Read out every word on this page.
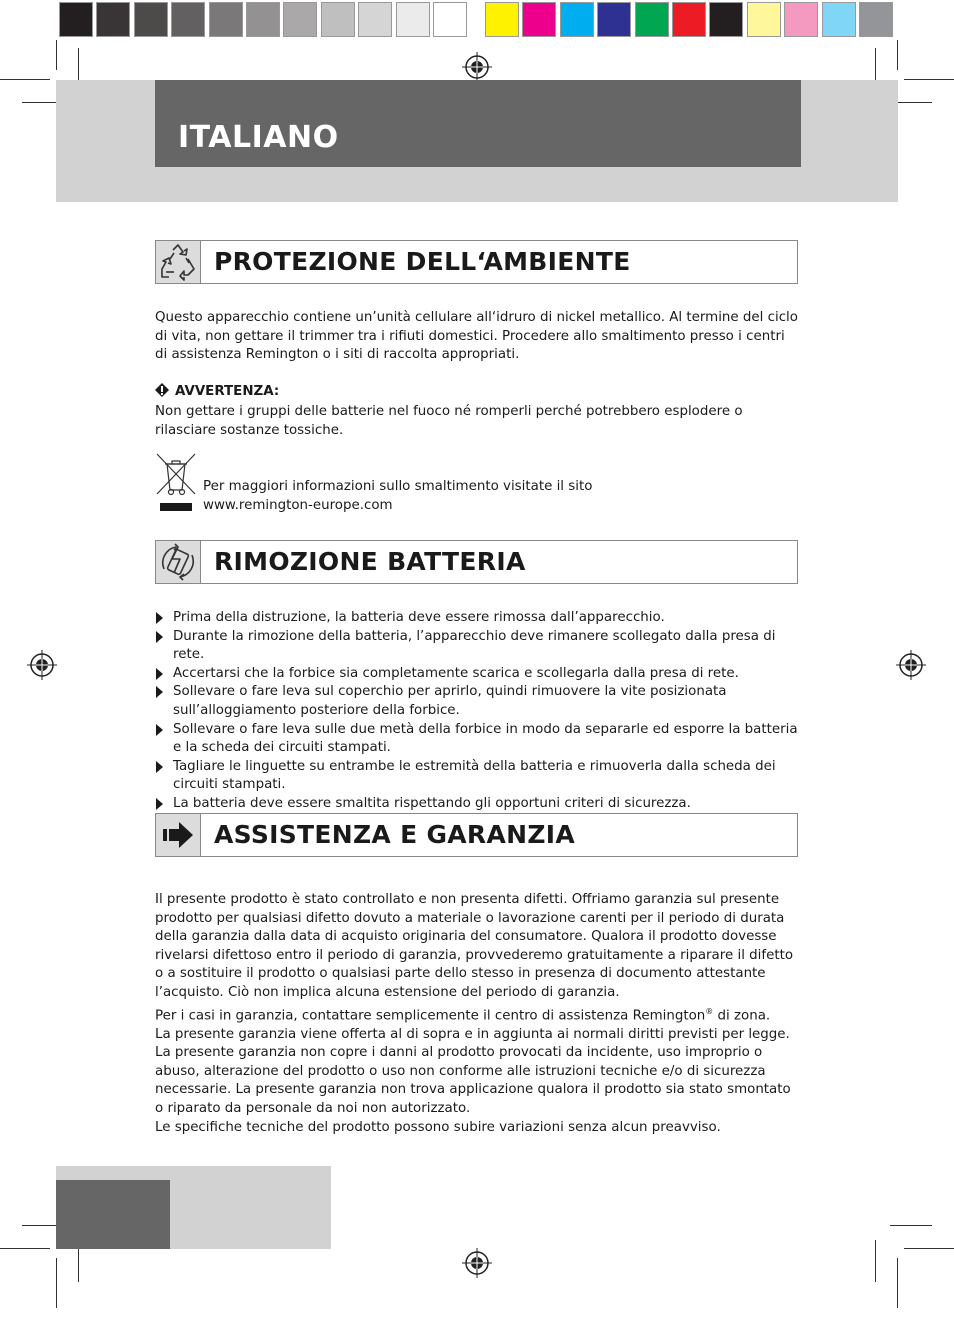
ITALIANO
PROTEZIONE DELL‘AMBIENTE
Questo apparecchio contiene un’unità cellulare all‘idruro di nickel metallico. Al termine del ciclo di vita, non gettare il trimmer tra i rifiuti domestici. Procedere allo smaltimento presso i centri di assistenza Remington o i siti di raccolta appropriati.
AVVERTENZA:
Non gettare i gruppi delle batterie nel fuoco né romperli perché potrebbero esplodere o rilasciare sostanze tossiche.
Per maggiori informazioni sullo smaltimento visitate il sito
www.remington-europe.com
RIMOZIONE BATTERIA
Prima della distruzione, la batteria deve essere rimossa dall’apparecchio.
Durante la rimozione della batteria, l’apparecchio deve rimanere scollegato dalla presa di rete.
Accertarsi che la forbice sia completamente scarica e scollegarla dalla presa di rete.
Sollevare o fare leva sul coperchio per aprirlo, quindi rimuovere la vite posizionata sull’alloggiamento posteriore della forbice.
Sollevare o fare leva sulle due metà della forbice in modo da separarle ed esporre la batteria e la scheda dei circuiti stampati.
Tagliare le linguette su entrambe le estremità della batteria e rimuoverla dalla scheda dei circuiti stampati.
La batteria deve essere smaltita rispettando gli opportuni criteri di sicurezza.
ASSISTENZA E GARANZIA
Il presente prodotto è stato controllato e non presenta difetti. Offriamo garanzia sul presente prodotto per qualsiasi difetto dovuto a materiale o lavorazione carenti per il periodo di durata della garanzia dalla data di acquisto originaria del consumatore. Qualora il prodotto dovesse rivelarsi difettoso entro il periodo di garanzia, provvederemo gratuitamente a riparare il difetto o a sostituire il prodotto o qualsiasi parte dello stesso in presenza di documento attestante l’acquisto. Ciò non implica alcuna estensione del periodo di garanzia.
Per i casi in garanzia, contattare semplicemente il centro di assistenza Remington® di zona.
La presente garanzia viene offerta al di sopra e in aggiunta ai normali diritti previsti per legge.
La presente garanzia non copre i danni al prodotto provocati da incidente, uso improprio o abuso, alterazione del prodotto o uso non conforme alle istruzioni tecniche e/o di sicurezza necessarie. La presente garanzia non trova applicazione qualora il prodotto sia stato smontato o riparato da personale da noi non autorizzato.
Le specifiche tecniche del prodotto possono subire variazioni senza alcun preavviso.
